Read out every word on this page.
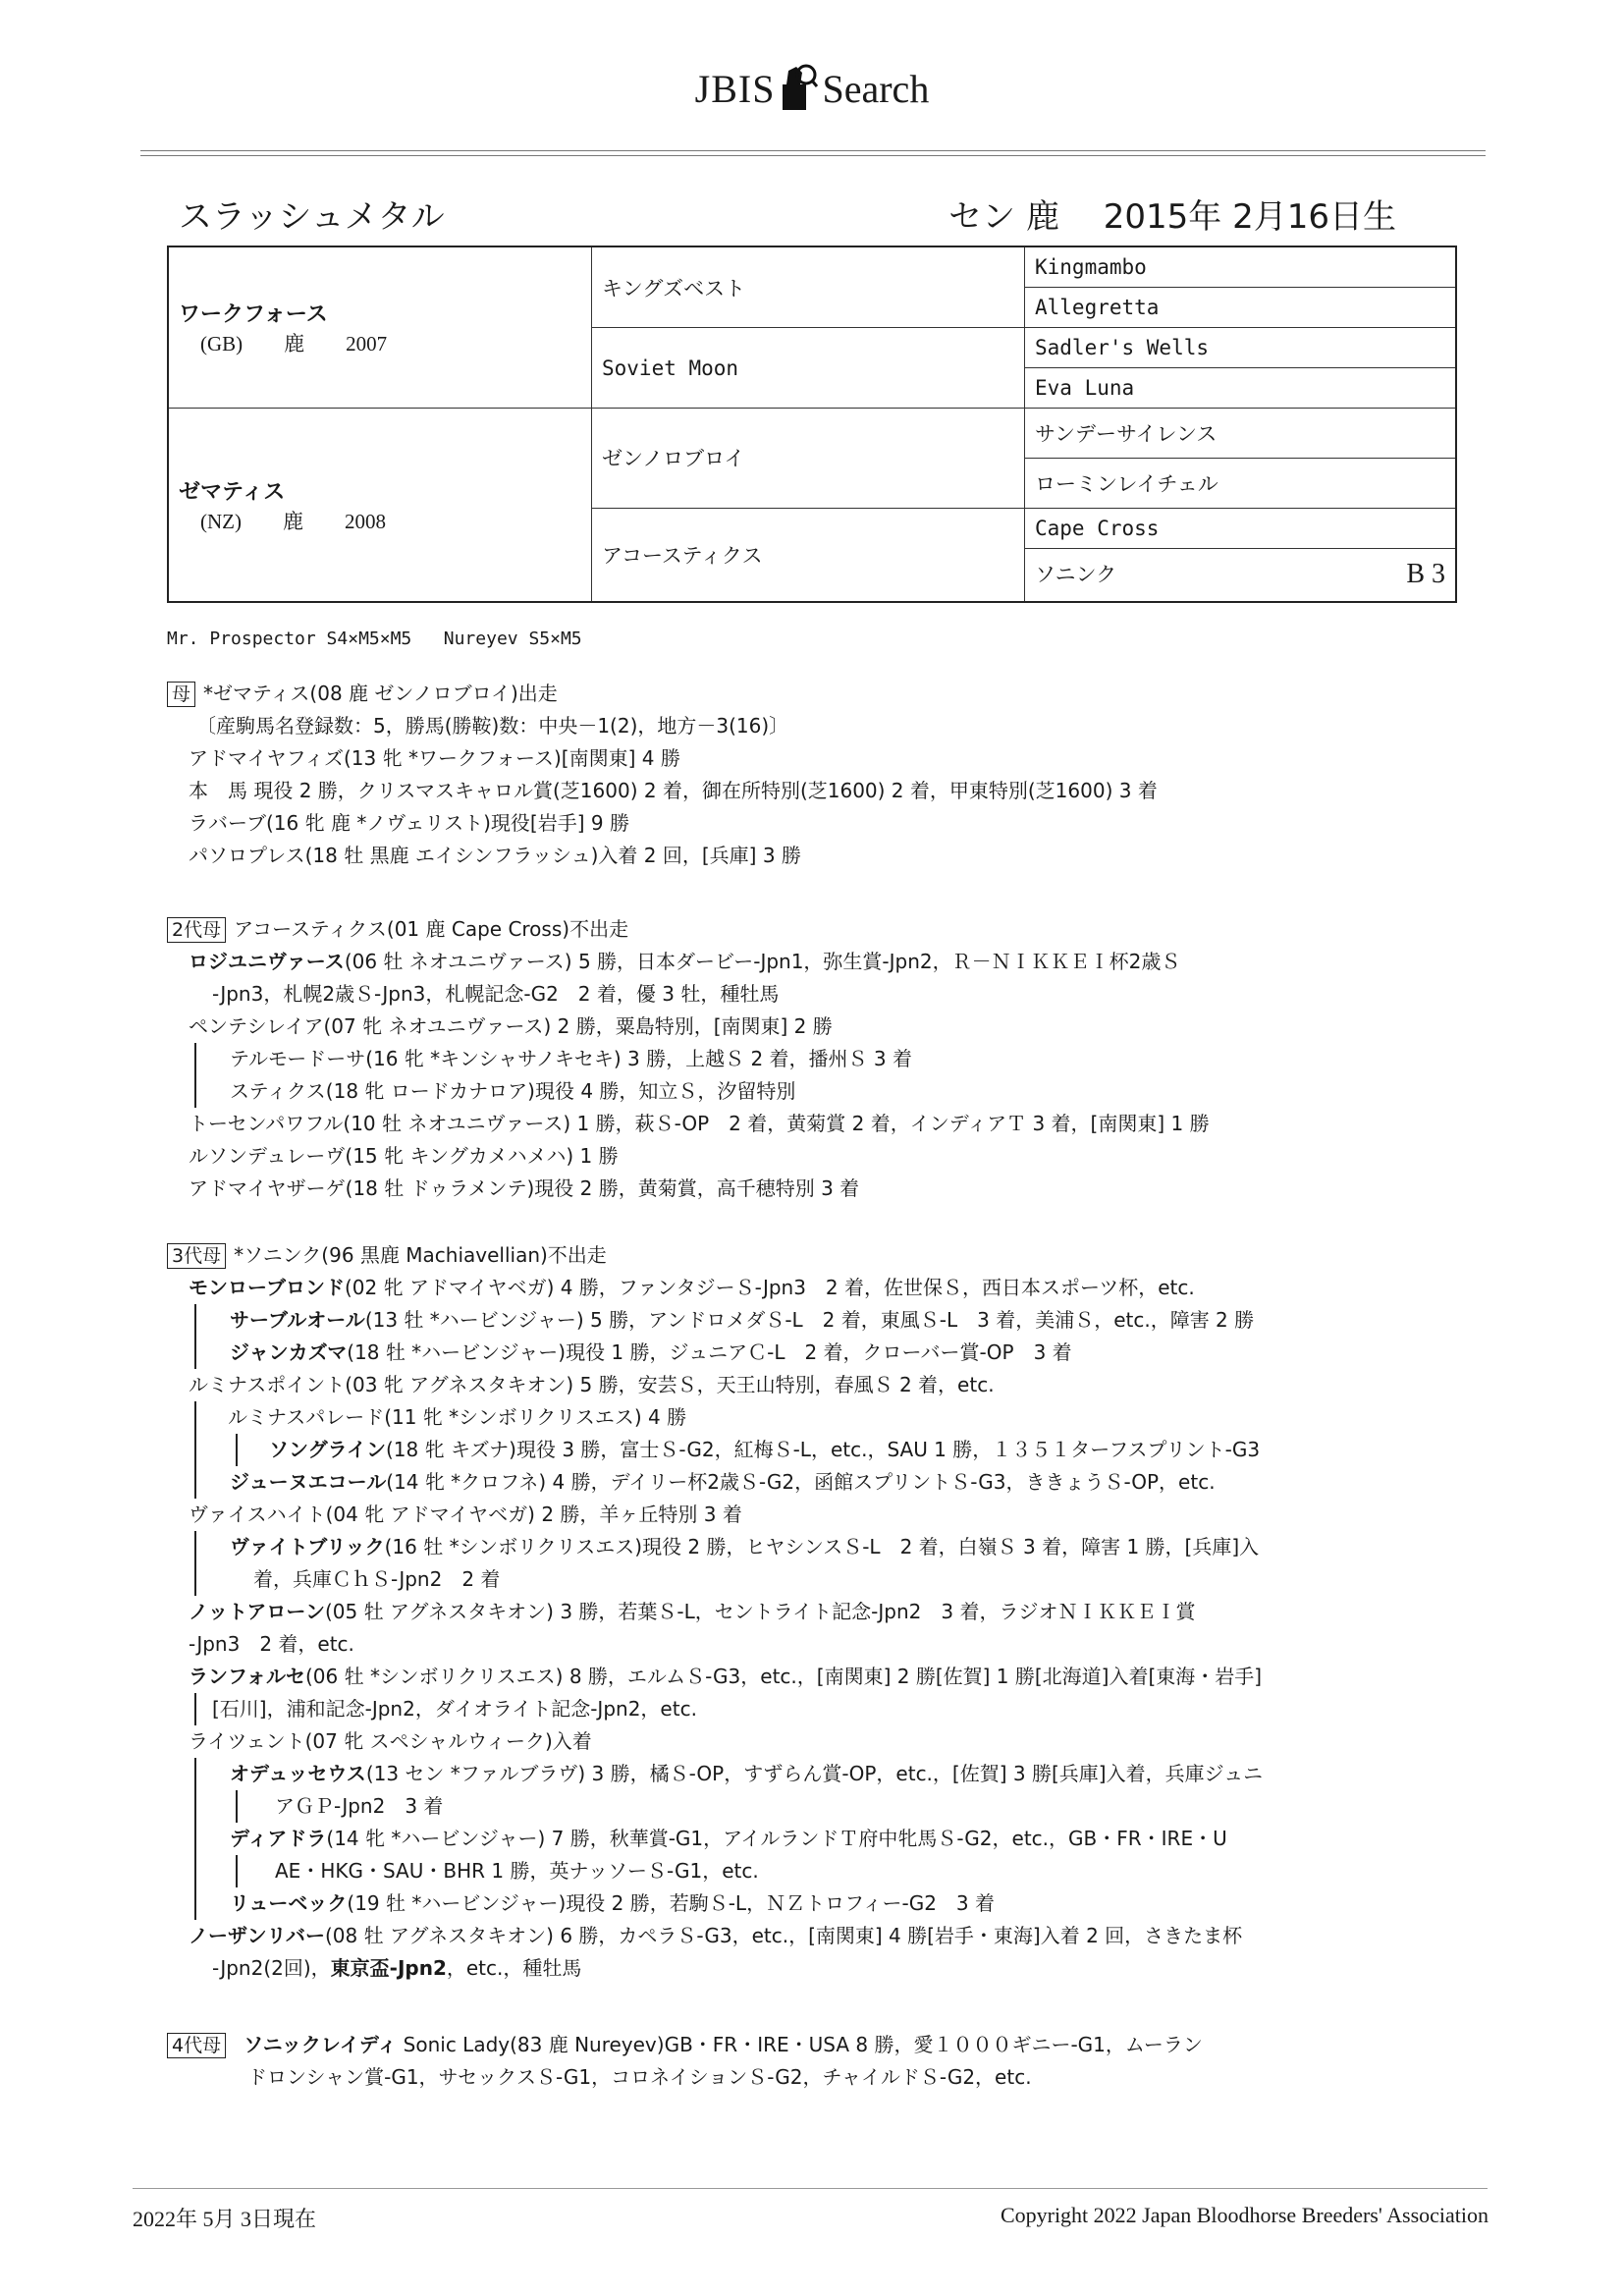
JBIS Search
スラッシュメタル	セン 鹿　 2015年 2月16日生
ワークフォース
(GB)　　鹿　　2007	キングズベスト	Kingmambo
		Allegretta
	Soviet Moon	Sadler's Wells
		Eva Luna

ゼマティス
(NZ)　　鹿　　2008	ゼンノロブロイ	サンデーサイレンス
		ローミンレイチェル
	アコースティクス	Cape Cross
		ソニンク B 3
Mr. Prospector S4×M5×M5   Nureyev S5×M5
母 *ゼマティス(08 鹿 ゼンノロブロイ)出走
〔産駒馬名登録数：5，勝馬(勝鞍)数：中央－1(2)，地方－3(16)〕
アドマイヤフィズ(13 牝 *ワークフォース)[南関東] 4 勝
本　馬 現役 2 勝，クリスマスキャロル賞(芝1600) 2 着，御在所特別(芝1600) 2 着，甲東特別(芝1600) 3 着
ラバーブ(16 牝 鹿 *ノヴェリスト)現役[岩手] 9 勝
パソロプレス(18 牡 黒鹿 エイシンフラッシュ)入着 2 回，[兵庫] 3 勝
2代母 アコースティクス(01 鹿 Cape Cross)不出走
ロジユニヴァース(06 牡 ネオユニヴァース) 5 勝，日本ダービー-Jpn1，弥生賞-Jpn2，Ｒ－ＮＩＫＫＥＩ杯2歳Ｓ
-Jpn3，札幌2歳Ｓ-Jpn3，札幌記念-G2　2 着，優 3 牡，種牡馬
ペンテシレイア(07 牝 ネオユニヴァース) 2 勝，粟島特別，[南関東] 2 勝
テルモードーサ(16 牝 *キンシャサノキセキ) 3 勝，上越Ｓ 2 着，播州Ｓ 3 着
スティクス(18 牝 ロードカナロア)現役 4 勝，知立Ｓ，汐留特別
トーセンパワフル(10 牡 ネオユニヴァース) 1 勝，萩Ｓ-OP　2 着，黄菊賞 2 着，インディアＴ 3 着，[南関東] 1 勝
ルソンデュレーヴ(15 牝 キングカメハメハ) 1 勝
アドマイヤザーゲ(18 牡 ドゥラメンテ)現役 2 勝，黄菊賞，高千穂特別 3 着
3代母 *ソニンク(96 黒鹿 Machiavellian)不出走
モンローブロンド(02 牝 アドマイヤベガ) 4 勝，ファンタジーＳ-Jpn3　2 着，佐世保Ｓ，西日本スポーツ杯，etc.
サーブルオール(13 牡 *ハービンジャー) 5 勝，アンドロメダＳ-L　2 着，東風Ｓ-L　3 着，美浦Ｓ，etc.，障害 2 勝
ジャンカズマ(18 牡 *ハービンジャー)現役 1 勝，ジュニアＣ-L　2 着，クローバー賞-OP　3 着
ルミナスポイント(03 牝 アグネスタキオン) 5 勝，安芸Ｓ，天王山特別，春風Ｓ 2 着，etc.
ルミナスパレード(11 牝 *シンボリクリスエス) 4 勝
ソングライン(18 牝 キズナ)現役 3 勝，富士Ｓ-G2，紅梅Ｓ-L，etc.，SAU 1 勝，１３５１ターフスプリント-G3
ジューヌエコール(14 牝 *クロフネ) 4 勝，デイリー杯2歳Ｓ-G2，函館スプリントＳ-G3，ききょうＳ-OP，etc.
ヴァイスハイト(04 牝 アドマイヤベガ) 2 勝，羊ヶ丘特別 3 着
ヴァイトブリック(16 牡 *シンボリクリスエス)現役 2 勝，ヒヤシンスＳ-L　2 着，白嶺Ｓ 3 着，障害 1 勝，[兵庫]入
着，兵庫ＣｈＳ-Jpn2　2 着
ノットアローン(05 牡 アグネスタキオン) 3 勝，若葉Ｓ-L，セントライト記念-Jpn2　3 着，ラジオＮＩＫＫＥＩ賞
-Jpn3　2 着，etc.
ランフォルセ(06 牡 *シンボリクリスエス) 8 勝，エルムＳ-G3，etc.，[南関東] 2 勝[佐賀] 1 勝[北海道]入着[東海・岩手]
[石川]，浦和記念-Jpn2，ダイオライト記念-Jpn2，etc.
ライツェント(07 牝 スペシャルウィーク)入着
オデュッセウス(13 セン *ファルブラヴ) 3 勝，橘Ｓ-OP，すずらん賞-OP，etc.，[佐賀] 3 勝[兵庫]入着，兵庫ジュニ
アＧＰ-Jpn2　3 着
ディアドラ(14 牝 *ハービンジャー) 7 勝，秋華賞-G1，アイルランドＴ府中牝馬Ｓ-G2，etc.，GB・FR・IRE・U
AE・HKG・SAU・BHR 1 勝，英ナッソーＳ-G1，etc.
リューベック(19 牡 *ハービンジャー)現役 2 勝，若駒Ｓ-L，ＮＺトロフィー-G2　3 着
ノーザンリバー(08 牡 アグネスタキオン) 6 勝，カペラＳ-G3，etc.，[南関東] 4 勝[岩手・東海]入着 2 回，さきたま杯
-Jpn2(2回)，東京盃-Jpn2，etc.，種牡馬
4代母 ソニックレイディ Sonic Lady(83 鹿 Nureyev)GB・FR・IRE・USA 8 勝，愛１０００ギニー-G1，ムーラン
ドロンシャン賞-G1，サセックスＳ-G1，コロネイションＳ-G2，チャイルドＳ-G2，etc.
2022年 5月 3日現在	Copyright 2022 Japan Bloodhorse Breeders' Association
